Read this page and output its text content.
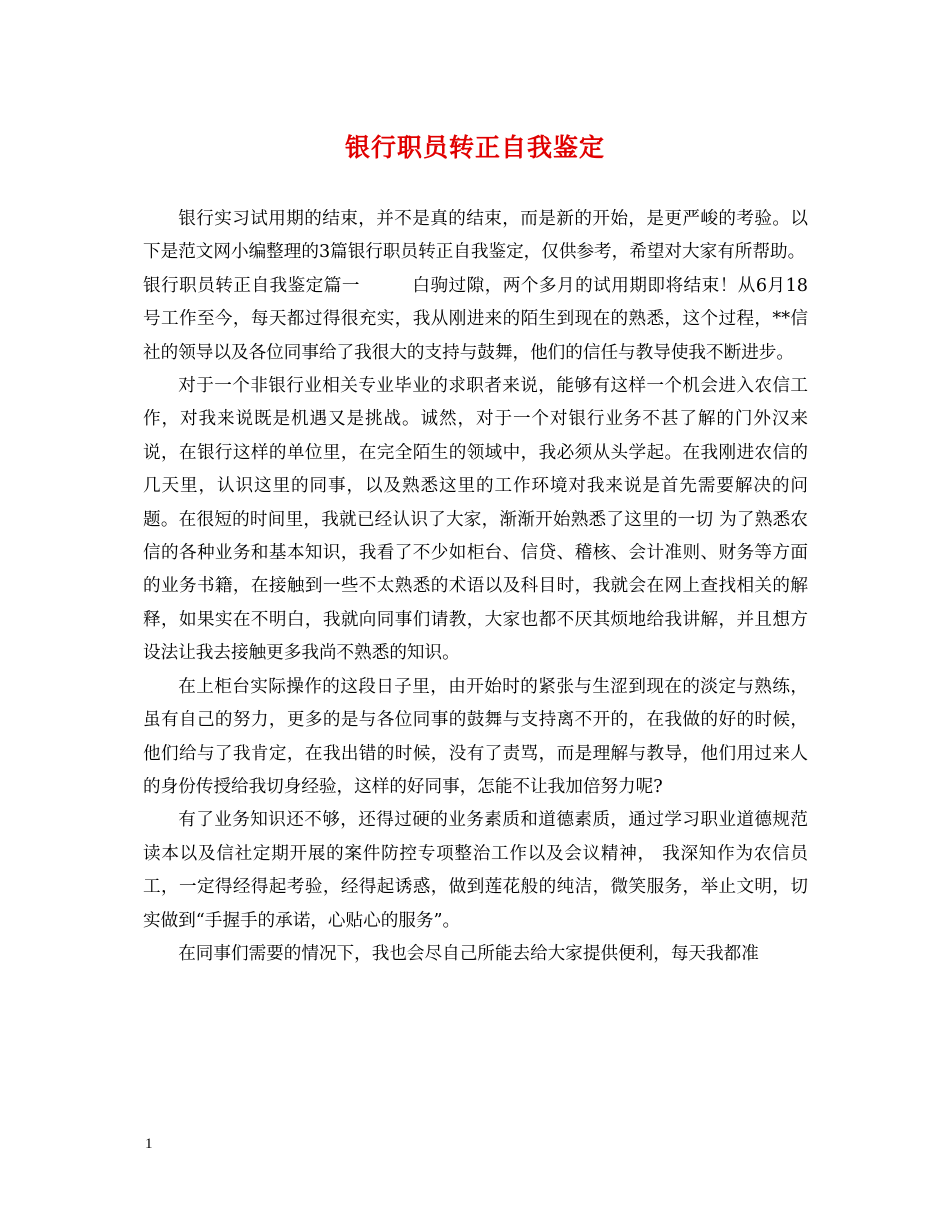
银行职员转正自我鉴定

银行实习试用期的结束，并不是真的结束，而是新的开始，是更严峻的考验。以下是范文网小编整理的3篇银行职员转正自我鉴定，仅供参考，希望对大家有所帮助。

银行职员转正自我鉴定篇一	白驹过隙，两个多月的试用期即将结束！从6月18号工作至今，每天都过得很充实，我从刚进来的陌生到现在的熟悉，这个过程，**信社的领导以及各位同事给了我很大的支持与鼓舞，他们的信任与教导使我不断进步。

对于一个非银行业相关专业毕业的求职者来说，能够有这样一个机会进入农信工作，对我来说既是机遇又是挑战。诚然，对于一个对银行业务不甚了解的门外汉来说，在银行这样的单位里，在完全陌生的领域中，我必须从头学起。在我刚进农信的几天里，认识这里的同事，以及熟悉这里的工作环境对我来说是首先需要解决的问题。在很短的时间里，我就已经认识了大家，渐渐开始熟悉了这里的一切 为了熟悉农信的各种业务和基本知识，我看了不少如柜台、信贷、稽核、会计准则、财务等方面的业务书籍，在接触到一些不太熟悉的术语以及科目时，我就会在网上查找相关的解释，如果实在不明白，我就向同事们请教，大家也都不厌其烦地给我讲解，并且想方设法让我去接触更多我尚不熟悉的知识。

在上柜台实际操作的这段日子里，由开始时的紧张与生涩到现在的淡定与熟练，虽有自己的努力，更多的是与各位同事的鼓舞与支持离不开的，在我做的好的时候，他们给与了我肯定，在我出错的时候，没有了责骂，而是理解与教导，他们用过来人的身份传授给我切身经验，这样的好同事，怎能不让我加倍努力呢?

有了业务知识还不够，还得过硬的业务素质和道德素质，通过学习职业道德规范读本以及信社定期开展的案件防控专项整治工作以及会议精神， 我深知作为农信员工，一定得经得起考验，经得起诱惑，做到莲花般的纯洁，微笑服务，举止文明，切实做到“手握手的承诺，心贴心的服务”。

在同事们需要的情况下，我也会尽自己所能去给大家提供便利，每天我都准

1
